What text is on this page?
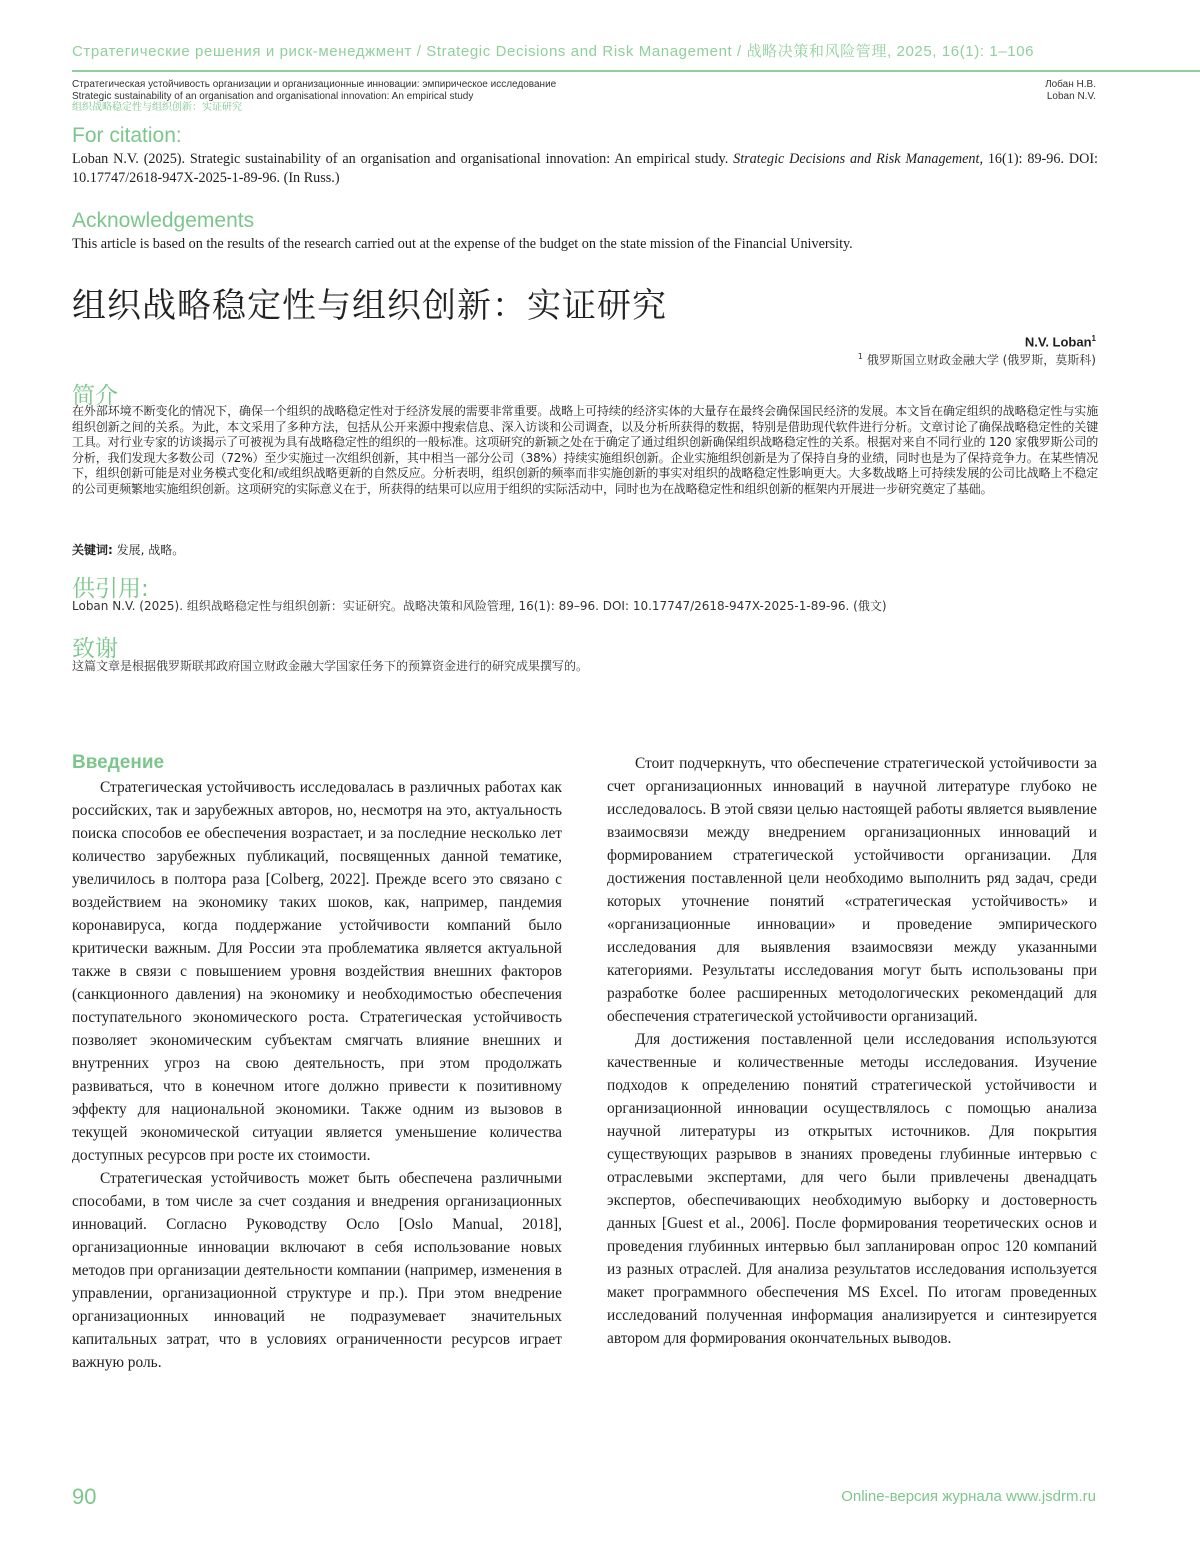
Стратегические решения и риск-менеджмент / Strategic Decisions and Risk Management / 战略决策和风险管理, 2025, 16(1): 1–106
Стратегическая устойчивость организации и организационные инновации: эмпирическое исследование
Strategic sustainability of an organisation and organisational innovation: An empirical study
组织战略稳定性与组织创新：实证研究
Лобан Н.В.
Loban N.V.
For citation:
Loban N.V. (2025). Strategic sustainability of an organisation and organisational innovation: An empirical study. Strategic Decisions and Risk Management, 16(1): 89-96. DOI: 10.17747/2618-947X-2025-1-89-96. (In Russ.)
Acknowledgements
This article is based on the results of the research carried out at the expense of the budget on the state mission of the Financial University.
组织战略稳定性与组织创新：实证研究
N.V. Loban$^1$
$^1$ 俄罗斯国立财政金融大学 (俄罗斯，莫斯科)
简介
在外部环境不断变化的情况下，确保一个组织的战略稳定性对于经济发展的需要非常重要。战略上可持续的经济实体的大量存在最终会确保国民经济的发展。本文旨在确定组织的战略稳定性与实施组织创新之间的关系。为此，本文采用了多种方法，包括从公开来源中搜索信息、深入访谈和公司调查，以及分析所获得的数据，特别是借助现代软件进行分析。文章讨论了确保战略稳定性的关键工具。对行业专家的访谈揭示了可被视为具有战略稳定性的组织的一般标准。这项研究的新颖之处在于确定了通过组织创新确保组织战略稳定性的关系。根据对来自不同行业的 120 家俄罗斯公司的分析，我们发现大多数公司（72%）至少实施过一次组织创新，其中相当一部分公司（38%）持续实施组织创新。企业实施组织创新是为了保持自身的业绩，同时也是为了保持竞争力。在某些情况下，组织创新可能是对业务模式变化和/或组织战略更新的自然反应。分析表明，组织创新的频率而非实施创新的事实对组织的战略稳定性影响更大。大多数战略上可持续发展的公司比战略上不稳定的公司更频繁地实施组织创新。这项研究的实际意义在于，所获得的结果可以应用于组织的实际活动中，同时也为在战略稳定性和组织创新的框架内开展进一步研究奠定了基础。
关键词: 发展, 战略。
供引用:
Loban N.V. (2025). 组织战略稳定性与组织创新：实证研究。战略决策和风险管理, 16(1): 89–96. DOI: 10.17747/2618-947X-2025-1-89-96. (俄文)
致谢
这篇文章是根据俄罗斯联邦政府国立财政金融大学国家任务下的预算资金进行的研究成果撰写的。

Введение

Стратегическая устойчивость исследовалась в различных работах как российских, так и зарубежных авторов, но, несмотря на это, актуальность поиска способов ее обеспечения возрастает, и за последние несколько лет количество зарубежных публикаций, посвященных данной тематике, увеличилось в полтора раза [Colberg, 2022]. Прежде всего это связано с воздействием на экономику таких шоков, как, например, пандемия коронавируса, когда поддержание устойчивости компаний было критически важным. Для России эта проблематика является актуальной также в связи с повышением уровня воздействия внешних факторов (санкционного давления) на экономику и необходимостью обеспечения поступательного экономического роста. Стратегическая устойчивость позволяет экономическим субъектам смягчать влияние внешних и внутренних угроз на свою деятельность, при этом продолжать развиваться, что в конечном итоге должно привести к позитивному эффекту для национальной экономики. Также одним из вызовов в текущей экономической ситуации является уменьшение количества доступных ресурсов при росте их стоимости.

Стратегическая устойчивость может быть обеспечена различными способами, в том числе за счет создания и внедрения организационных инноваций. Согласно Руководству Осло [Oslo Manual, 2018], организационные инновации включают в себя использование новых методов при организации деятельности компании (например, изменения в управлении, организационной структуре и пр.). При этом внедрение организационных инноваций не подразумевает значительных капитальных затрат, что в условиях ограниченности ресурсов играет важную роль.

Стоит подчеркнуть, что обеспечение стратегической устойчивости за счет организационных инноваций в научной литературе глубоко не исследовалось. В этой связи целью настоящей работы является выявление взаимосвязи между внедрением организационных инноваций и формированием стратегической устойчивости организации. Для достижения поставленной цели необходимо выполнить ряд задач, среди которых уточнение понятий «стратегическая устойчивость» и «организационные инновации» и проведение эмпирического исследования для выявления взаимосвязи между указанными категориями. Результаты исследования могут быть использованы при разработке более расширенных методологических рекомендаций для обеспечения стратегической устойчивости организаций.

Для достижения поставленной цели исследования используются качественные и количественные методы исследования. Изучение подходов к определению понятий стратегической устойчивости и организационной инновации осуществлялось с помощью анализа научной литературы из открытых источников. Для покрытия существующих разрывов в знаниях проведены глубинные интервью с отраслевыми экспертами, для чего были привлечены двенадцать экспертов, обеспечивающих необходимую выборку и достоверность данных [Guest et al., 2006]. После формирования теоретических основ и проведения глубинных интервью был запланирован опрос 120 компаний из разных отраслей. Для анализа результатов исследования используется макет программного обеспечения MS Excel. По итогам проведенных исследований полученная информация анализируется и синтезируется автором для формирования окончательных выводов.

90	Online-версия журнала www.jsdrm.ru
